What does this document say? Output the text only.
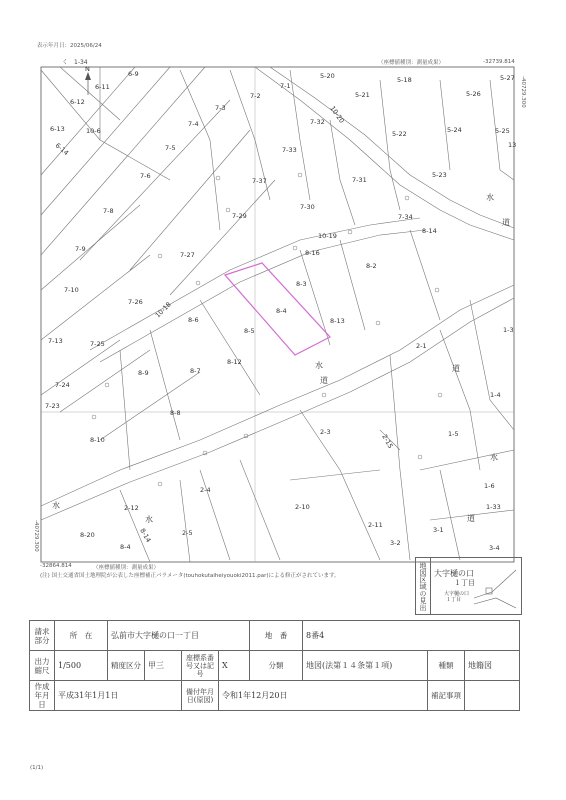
表示年月日：2025/06/24
く　1-34	（座標値種別：測量成果）	-32739.814
N
6-9
6-11
6-12
6-13	10-6
6-14
7-1
7-2
7-3
7-4
7-5
7-6
7-8
7-9
7-10
7-13
7-23
7-24
7-25
7-26
7-27
7-29
7-30
7-31
7-32
7-33
7-34
7-37
10-18
10-19
10-20
5-20
5-21
5-18
5-22
5-23
5-24	5-25
5-26
5-27
13
8-2
8-3
8-4
8-5
8-6
8-7
8-8
8-9
8-10
8-12
8-13
8-14
8-16
8-20
8-4
8-14
1-3
1-4
1-5
1-6
1-33
2-1
2-3
2-4
2-5
2-10
2-11
2-12
2-15
3-1
3-2
3-4
水
道
水
道
道
水
道
水
水
-40729.300
-40729.300
-32864.814	（座標値種別：測量成果）
(注) 国土交通省国土地理院が公表した座標補正パラメータ(touhokutaiheiyouoki2011.par)による修正がされています。	地図区域の見出 大字樋の口
１丁目
大字樋の口
１丁目
請求部分	所　在	弘前市大字樋の口一丁目				地　番	8番4		
出力縮尺	1/500	精度区分	甲三	座標系番号又は記号	X	分類	地図(法第１４条第１項)	種類	地籍図
作成年月日	平成31年1月1日			備付年月日(原図)	令和1年12月20日			補記事項	
(1/1)
